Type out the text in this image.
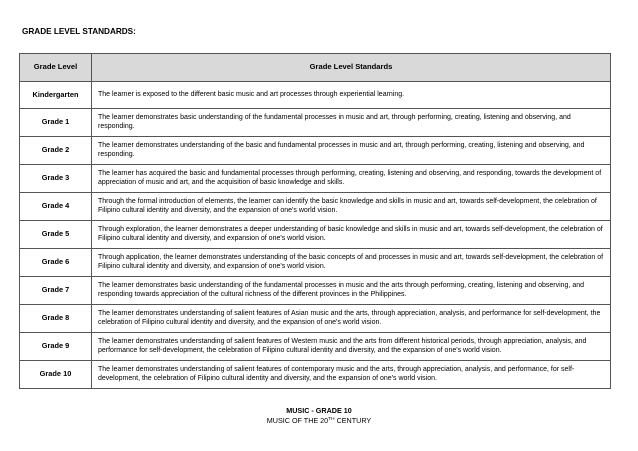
GRADE LEVEL STANDARDS:
Grade Level	Grade Level Standards
Kindergarten	The learner is exposed to the different basic music and art processes through experiential learning.
Grade 1	The learner demonstrates basic understanding of the fundamental processes in music and art, through performing, creating, listening and observing, and responding.
Grade 2	The learner demonstrates understanding of the basic and fundamental processes in music and art, through performing, creating, listening and observing, and responding.
Grade 3	The learner has acquired the basic and fundamental processes through performing, creating, listening and observing, and responding, towards the development of appreciation of music and art, and the acquisition of basic knowledge and skills.
Grade 4	Through the formal introduction of elements, the learner can identify the basic knowledge and skills in music and art, towards self-development, the celebration of Filipino cultural identity and diversity, and the expansion of one's world vision.
Grade 5	Through exploration, the learner demonstrates a deeper understanding of basic knowledge and skills in music and art, towards self-development, the celebration of Filipino cultural identity and diversity, and expansion of one's world vision.
Grade 6	Through application, the learner demonstrates understanding of the basic concepts of and processes in music and art, towards self-development, the celebration of Filipino cultural identity and diversity, and expansion of one's world vision.
Grade 7	The learner demonstrates basic understanding of the fundamental processes in music and the arts through performing, creating, listening and observing, and responding towards appreciation of the cultural richness of the different provinces in the Philippines.
Grade 8	The learner demonstrates understanding of salient features of Asian music and the arts, through appreciation, analysis, and performance for self-development, the celebration of Filipino cultural identity and diversity, and the expansion of one's world vision.
Grade 9	The learner demonstrates understanding of salient features of Western music and the arts from different historical periods, through appreciation, analysis, and performance for self-development, the celebration of Filipino cultural identity and diversity, and the expansion of one's world vision.
Grade 10	The learner demonstrates understanding of salient features of contemporary music and the arts, through appreciation, analysis, and performance, for self-development, the celebration of Filipino cultural identity and diversity, and the expansion of one's world vision.
MUSIC - GRADE 10
MUSIC OF THE 20TH CENTURY
